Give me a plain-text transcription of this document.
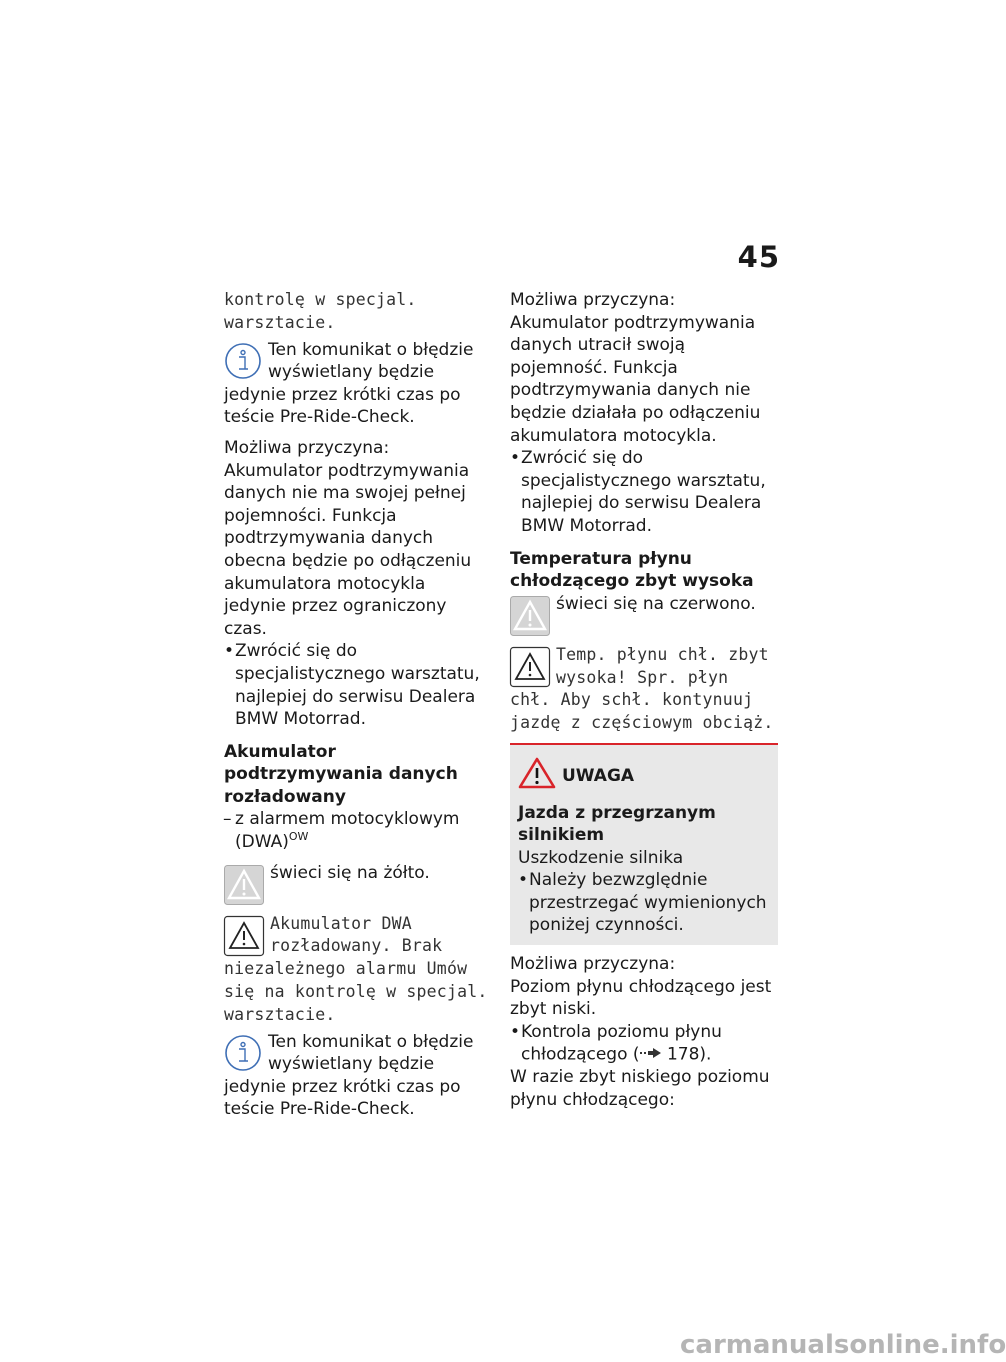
45

kontrolę w specjal. warsztacie.

Ten komunikat o błędzie wyświetlany będzie jedynie przez krótki czas po teście Pre-Ride-Check.

Możliwa przyczyna:

Akumulator podtrzymywania danych nie ma swojej pełnej pojemności. Funkcja podtrzymywania danych obecna będzie po odłączeniu akumulatora motocykla jedynie przez ograniczony czas.

• Zwrócić się do specjalistycznego warsztatu, najlepiej do serwisu Dealera BMW Motorrad.

Akumulator podtrzymywania danych rozładowany

– z alarmem motocyklowym (DWA)$^{OW}$

świeci się na żółto.

Akumulator DWA rozładowany. Brak niezależnego alarmu Umów się na kontrolę w specjal. warsztacie.

Ten komunikat o błędzie wyświetlany będzie jedynie przez krótki czas po teście Pre-Ride-Check.

Możliwa przyczyna:

Akumulator podtrzymywania danych utracił swoją pojemność. Funkcja podtrzymywania danych nie będzie działała po odłączeniu akumulatora motocykla.

• Zwrócić się do specjalistycznego warsztatu, najlepiej do serwisu Dealera BMW Motorrad.

Temperatura płynu chłodzącego zbyt wysoka

świeci się na czerwono.

Temp. płynu chł. zbyt wysoka! Spr. płyn chł. Aby schł. kontynuuj jazdę z częściowym obciąż.

UWAGA

Jazda z przegrzanym silnikiem

Uszkodzenie silnika

• Należy bezwzględnie przestrzegać wymienionych poniżej czynności.

Możliwa przyczyna:

Poziom płynu chłodzącego jest zbyt niski.

• Kontrola poziomu płynu chłodzącego ( 178).

W razie zbyt niskiego poziomu płynu chłodzącego:

carmanualsonline.info
